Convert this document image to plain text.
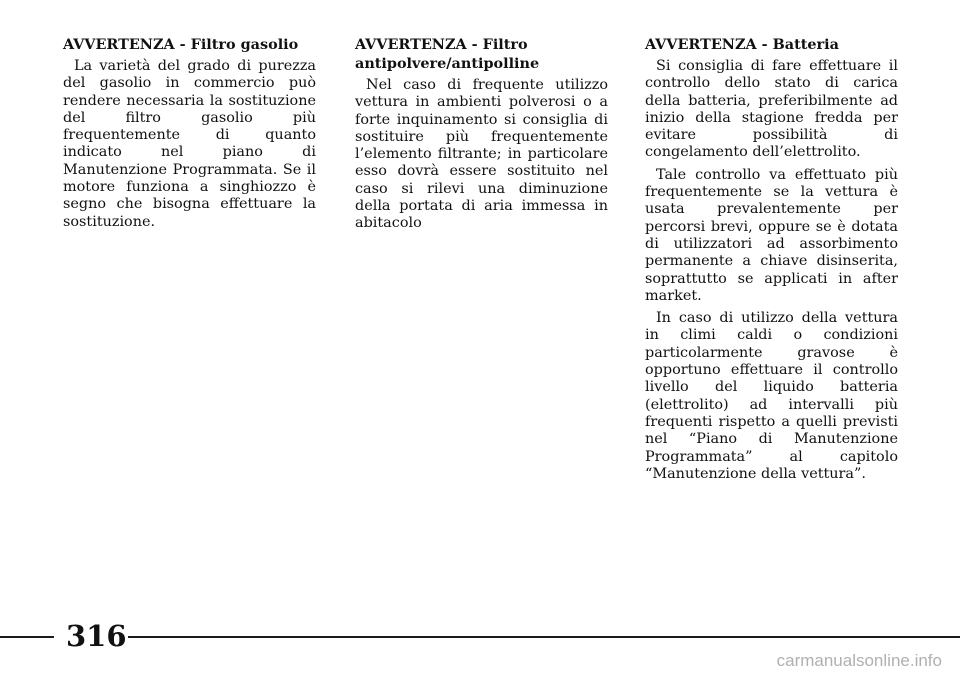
AVVERTENZA - Filtro gasolio

La varietà del grado di purezza del gasolio in commercio può rendere necessaria la sostituzione del filtro gasolio più frequentemente di quanto indicato nel piano di Manutenzione Programmata. Se il motore funziona a singhiozzo è segno che bisogna effettuare la sostituzione.

AVVERTENZA - Filtro antipolvere/antipolline

Nel caso di frequente utilizzo vettura in ambienti polverosi o a forte inquinamento si consiglia di sostituire più frequentemente l’elemento filtrante; in particolare esso dovrà essere sostituito nel caso si rilevi una diminuzione della portata di aria immessa in abitacolo

AVVERTENZA - Batteria

Si consiglia di fare effettuare il controllo dello stato di carica della batteria, preferibilmente ad inizio della stagione fredda per evitare possibilità di congelamento dell’elettrolito.

Tale controllo va effettuato più frequentemente se la vettura è usata prevalentemente per percorsi brevi, oppure se è dotata di utilizzatori ad assorbimento permanente a chiave disinserita, soprattutto se applicati in after market.

In caso di utilizzo della vettura in climi caldi o condizioni particolarmente gravose è opportuno effettuare il controllo livello del liquido batteria (elettrolito) ad intervalli più frequenti rispetto a quelli previsti nel “Piano di Manutenzione Programmata” al capitolo “Manutenzione della vettura”.

316
carmanualsonline.info
